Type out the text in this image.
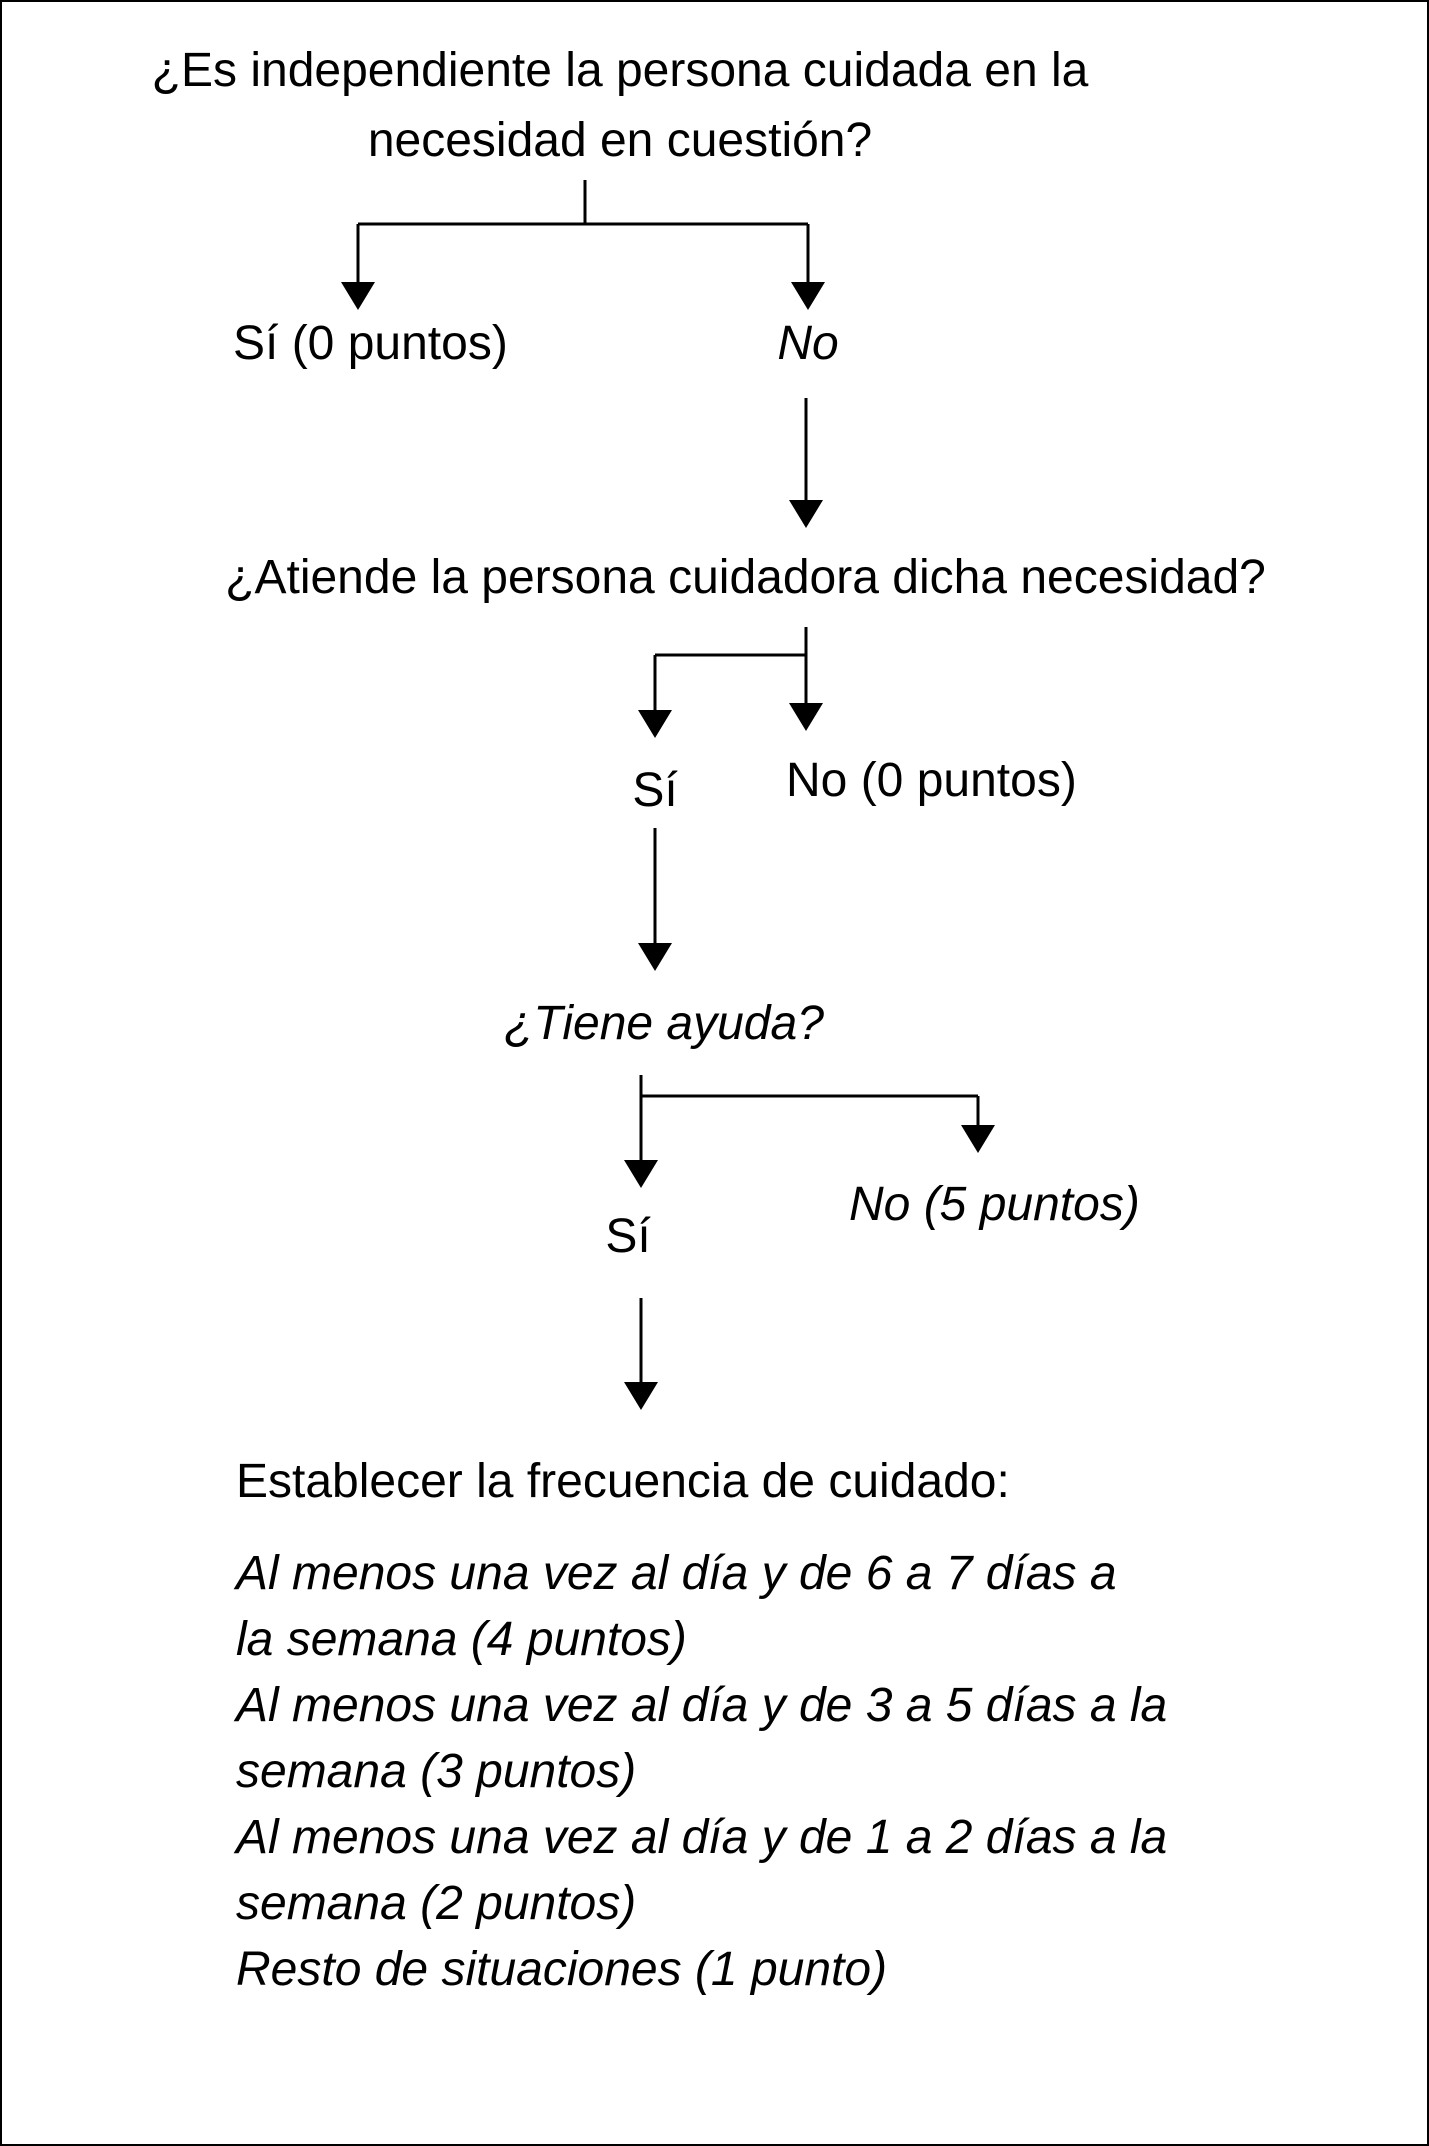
¿Es independiente la persona cuidada en la
necesidad en cuestión?
Sí (0 puntos)	No
¿Atiende la persona cuidadora dicha necesidad?
Sí	No (0 puntos)
¿Tiene ayuda?
Sí
No (5 puntos)
Establecer la frecuencia de cuidado:
Al menos una vez al día y de 6 a 7 días a
la semana (4 puntos)
Al menos una vez al día y de 3 a 5 días a la
semana (3 puntos)
Al menos una vez al día y de 1 a 2 días a la
semana (2 puntos)
Resto de situaciones (1 punto)
